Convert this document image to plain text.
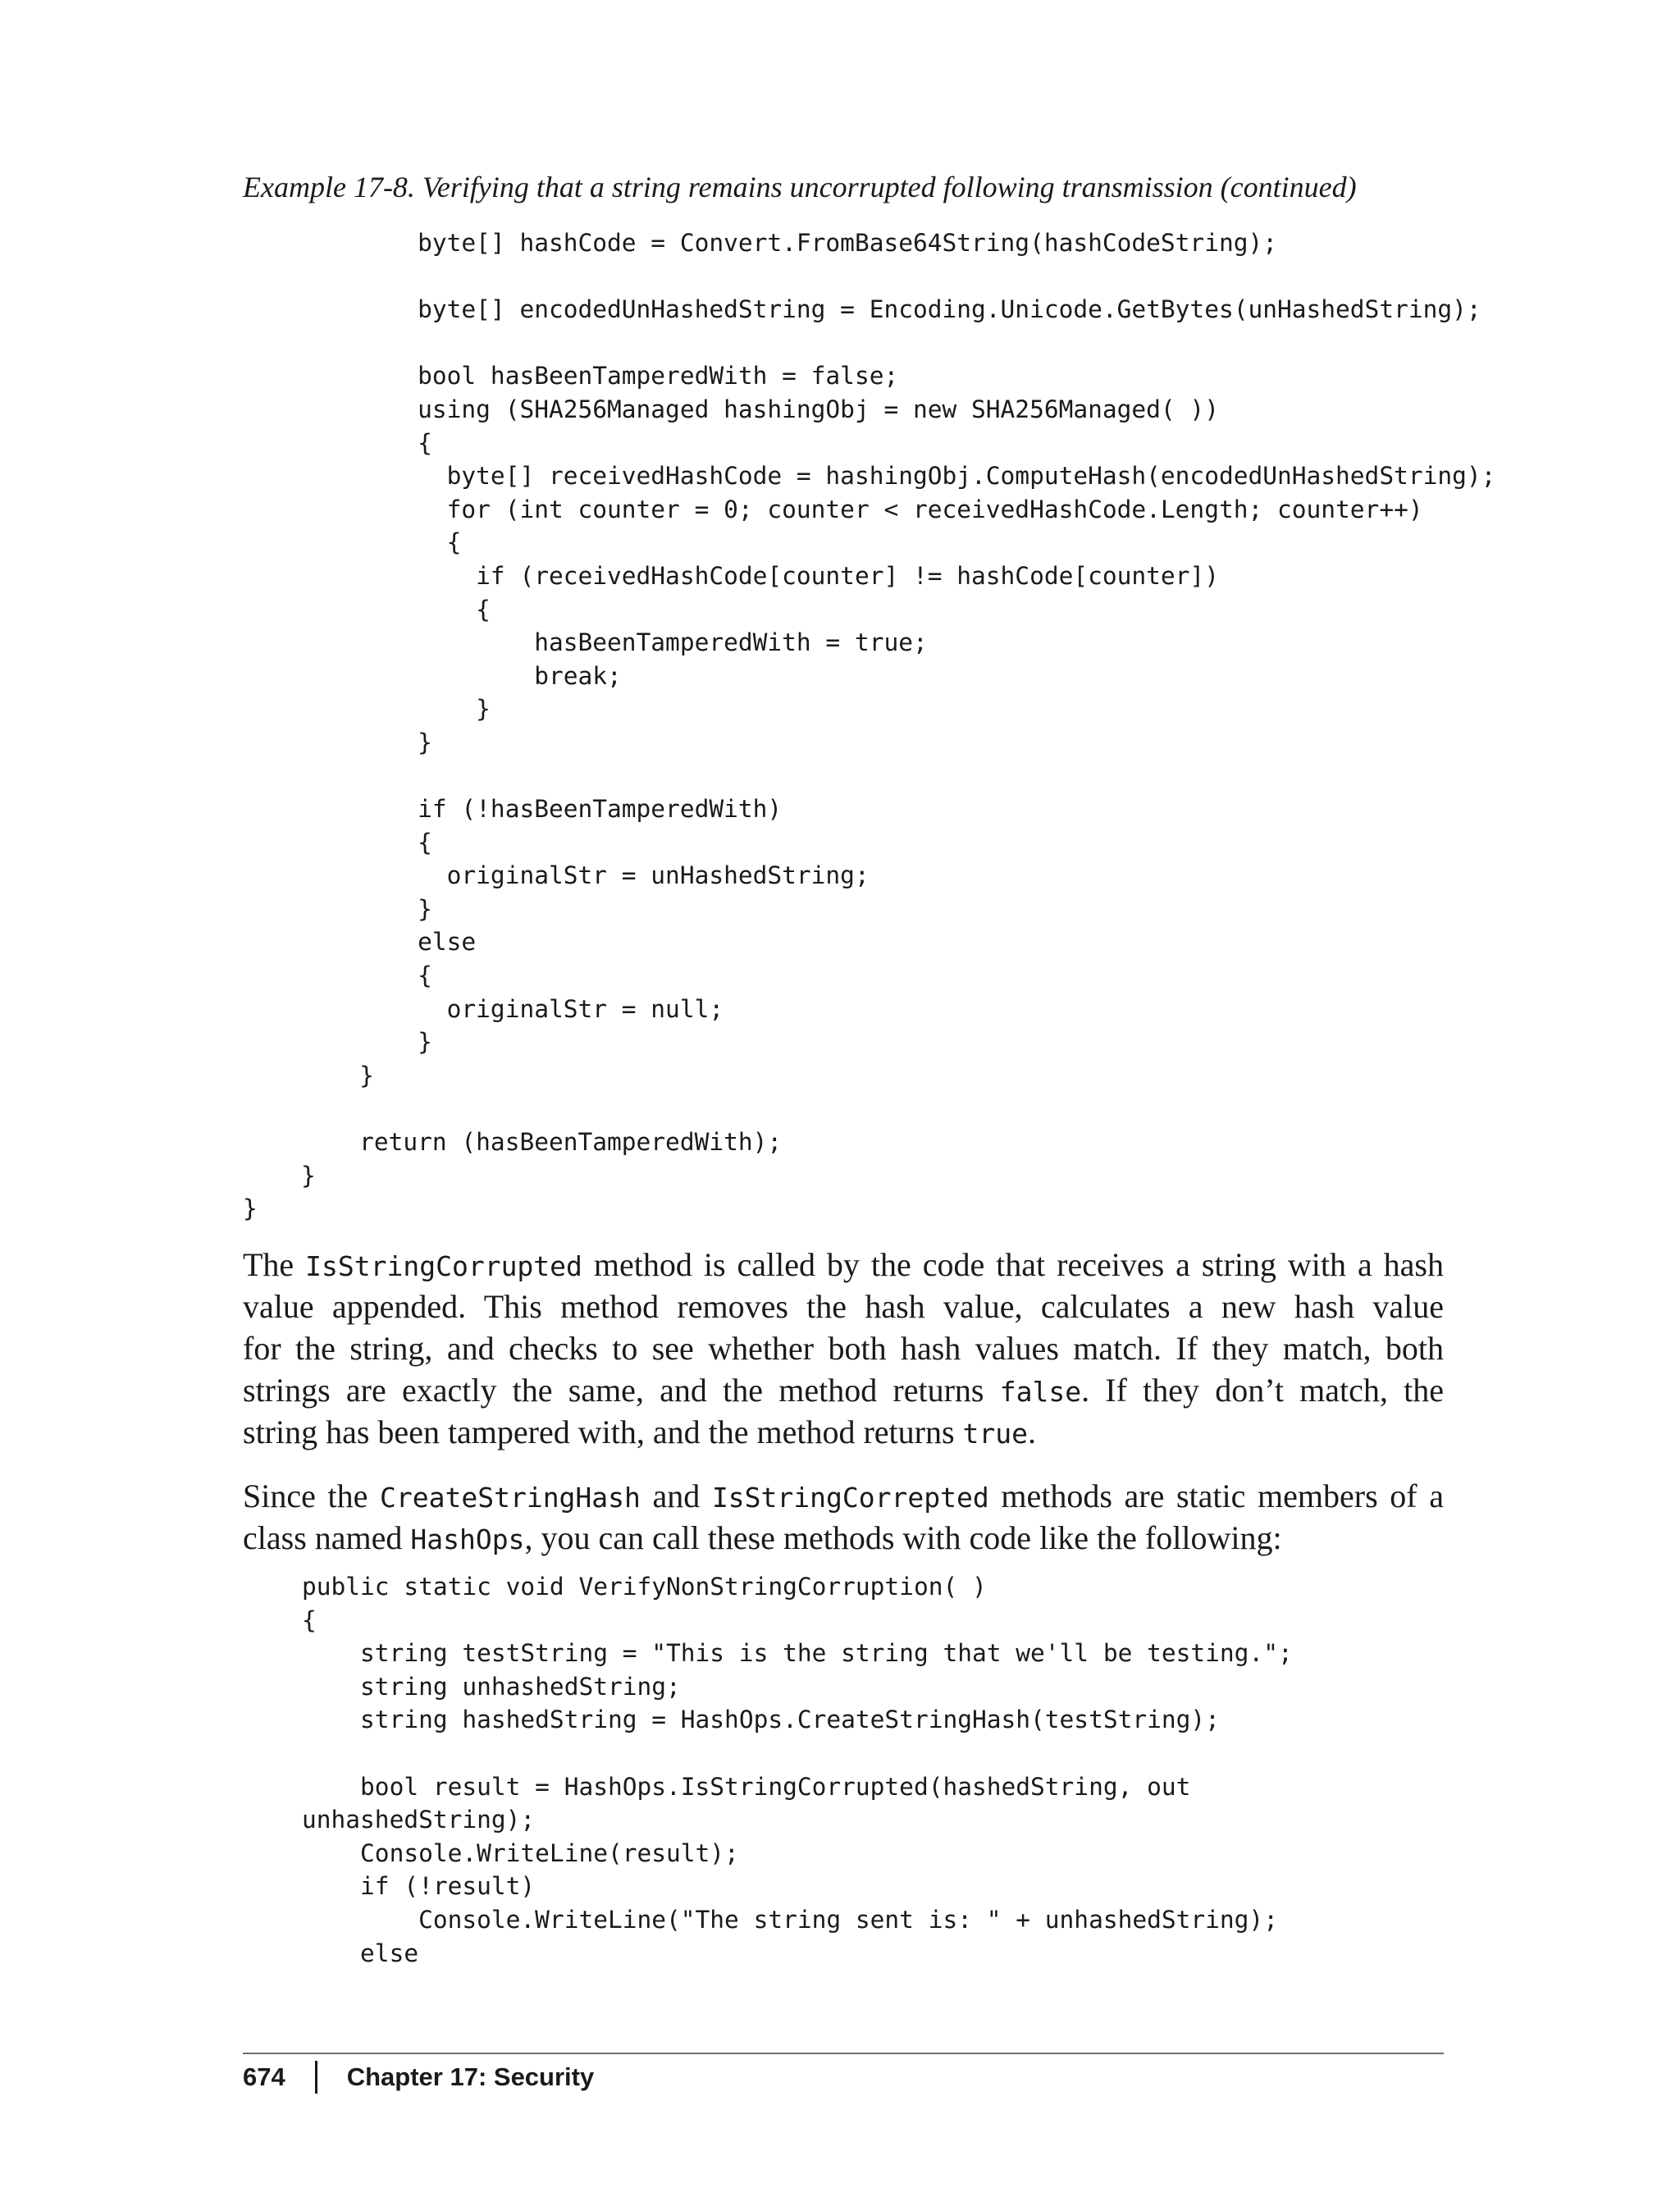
Example 17-8. Verifying that a string remains uncorrupted following transmission (continued)

byte[] hashCode = Convert.FromBase64String(hashCodeString);
byte[] encodedUnHashedString = Encoding.Unicode.GetBytes(unHashedString);
bool hasBeenTamperedWith = false;
using (SHA256Managed hashingObj = new SHA256Managed( ))
{
byte[] receivedHashCode = hashingObj.ComputeHash(encodedUnHashedString);
for (int counter = 0; counter < receivedHashCode.Length; counter++)
{
if (receivedHashCode[counter] != hashCode[counter])
{
hasBeenTamperedWith = true;
break;
}
}
if (!hasBeenTamperedWith)
{
originalStr = unHashedString;
}
else
{
originalStr = null;
}
}
return (hasBeenTamperedWith);
}
}

The IsStringCorrupted method is called by the code that receives a string with a hash
value appended. This method removes the hash value, calculates a new hash value
for the string, and checks to see whether both hash values match. If they match, both
strings are exactly the same, and the method returns false. If they don’t match, the
string has been tampered with, and the method returns true.

Since the CreateStringHash and IsStringCorrepted methods are static members of a
class named HashOps, you can call these methods with code like the following:

public static void VerifyNonStringCorruption( )
{
string testString = "This is the string that we'll be testing.";
string unhashedString;
string hashedString = HashOps.CreateStringHash(testString);
bool result = HashOps.IsStringCorrupted(hashedString, out
unhashedString);
Console.WriteLine(result);
if (!result)
Console.WriteLine("The string sent is: " + unhashedString);
else
674 Chapter 17: Security
